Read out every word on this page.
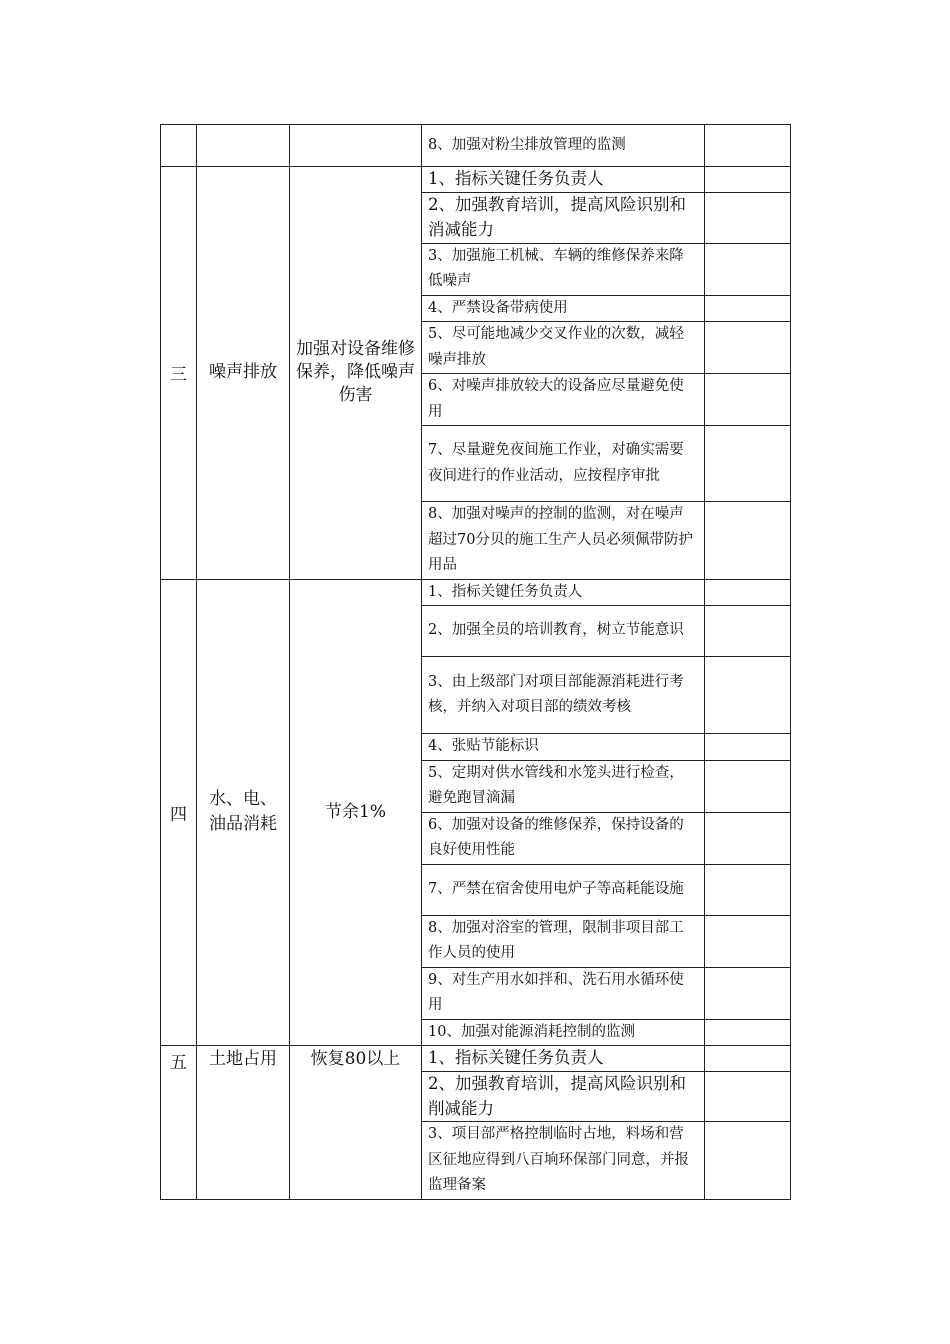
			8、加强对粉尘排放管理的监测	
三	噪声排放	加强对设备维修保养，降低噪声伤害	1、指标关键任务负责人	
			2、加强教育培训，提高风险识别和消减能力	
			3、加强施工机械、车辆的维修保养来降低噪声	
			4、严禁设备带病使用	
			5、尽可能地减少交叉作业的次数，减轻噪声排放	
			6、对噪声排放较大的设备应尽量避免使用	
			7、尽量避免夜间施工作业，对确实需要夜间进行的作业活动，应按程序审批	
			8、加强对噪声的控制的监测，对在噪声超过70分贝的施工生产人员必须佩带防护用品	
四	水、电、油品消耗	节余1%	1、指标关键任务负责人	
			2、加强全员的培训教育，树立节能意识	
			3、由上级部门对项目部能源消耗进行考核，并纳入对项目部的绩效考核	
			4、张贴节能标识	
			5、定期对供水管线和水笼头进行检查，避免跑冒滴漏	
			6、加强对设备的维修保养，保持设备的良好使用性能	
			7、严禁在宿舍使用电炉子等高耗能设施	
			8、加强对浴室的管理，限制非项目部工作人员的使用	
			9、对生产用水如拌和、洗石用水循环使用	
			10、加强对能源消耗控制的监测	
五	土地占用	恢复80以上	1、指标关键任务负责人	
			2、加强教育培训，提高风险识别和削减能力	
			3、项目部严格控制临时占地，料场和营区征地应得到八百垧环保部门同意，并报监理备案	
